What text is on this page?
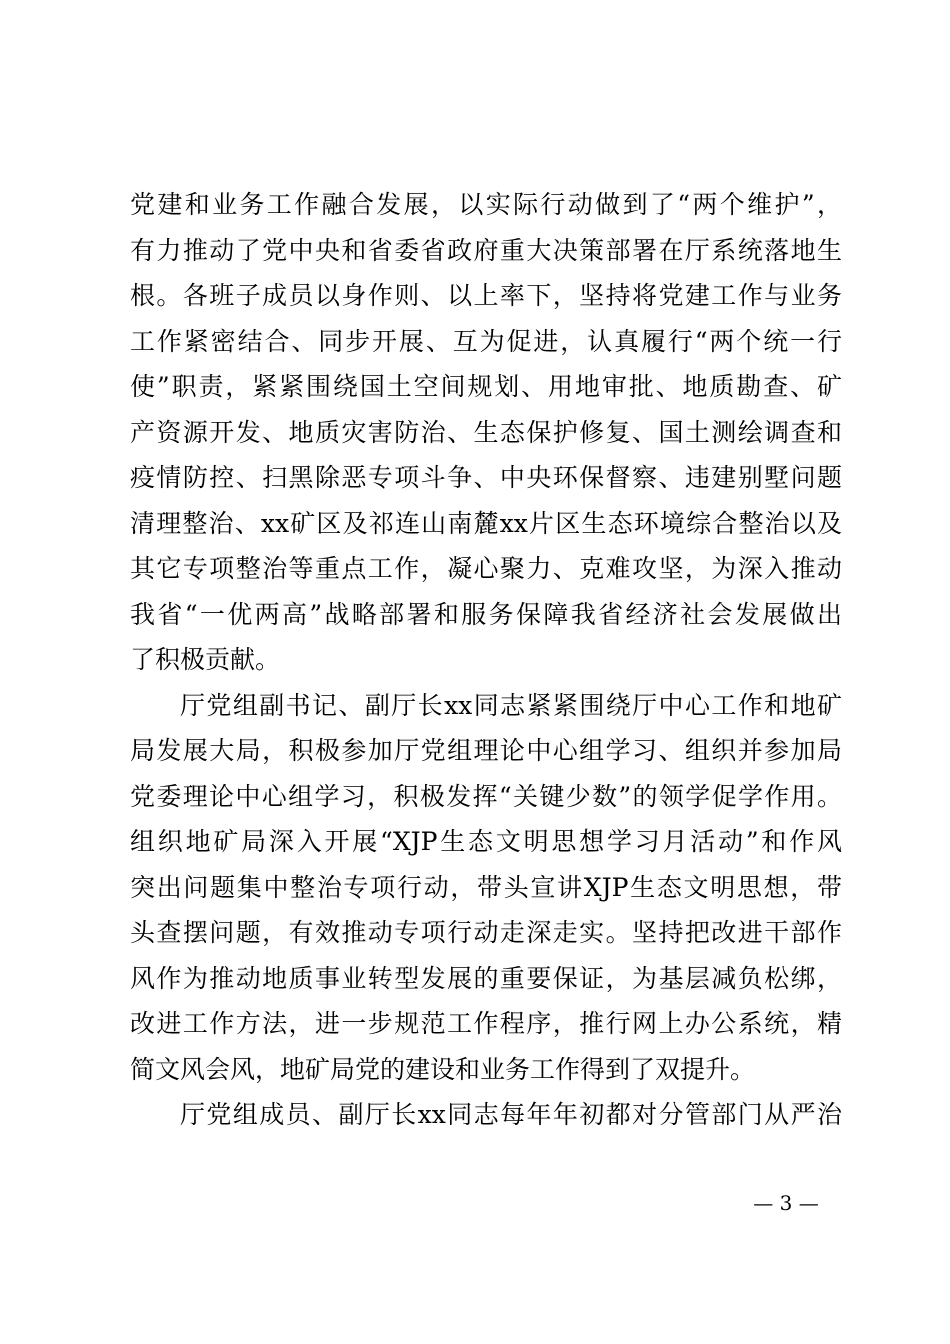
党建和业务工作融合发展，以实际行动做到了“两个维护”，
有力推动了党中央和省委省政府重大决策部署在厅系统落地生
根。各班子成员以身作则、以上率下，坚持将党建工作与业务
工作紧密结合、同步开展、互为促进，认真履行“两个统一行
使”职责，紧紧围绕国土空间规划、用地审批、地质勘查、矿
产资源开发、地质灾害防治、生态保护修复、国土测绘调查和
疫情防控、扫黑除恶专项斗争、中央环保督察、违建别墅问题
清理整治、xx矿区及祁连山南麓xx片区生态环境综合整治以及
其它专项整治等重点工作，凝心聚力、克难攻坚，为深入推动
我省“一优两高”战略部署和服务保障我省经济社会发展做出
了积极贡献。
厅党组副书记、副厅长xx同志紧紧围绕厅中心工作和地矿
局发展大局，积极参加厅党组理论中心组学习、组织并参加局
党委理论中心组学习，积极发挥“关键少数”的领学促学作用。
组织地矿局深入开展“XJP生态文明思想学习月活动”和作风
突出问题集中整治专项行动，带头宣讲XJP生态文明思想，带
头查摆问题，有效推动专项行动走深走实。坚持把改进干部作
风作为推动地质事业转型发展的重要保证，为基层减负松绑，
改进工作方法，进一步规范工作程序，推行网上办公系统，精
简文风会风，地矿局党的建设和业务工作得到了双提升。
厅党组成员、副厅长xx同志每年年初都对分管部门从严治
— 3 —
